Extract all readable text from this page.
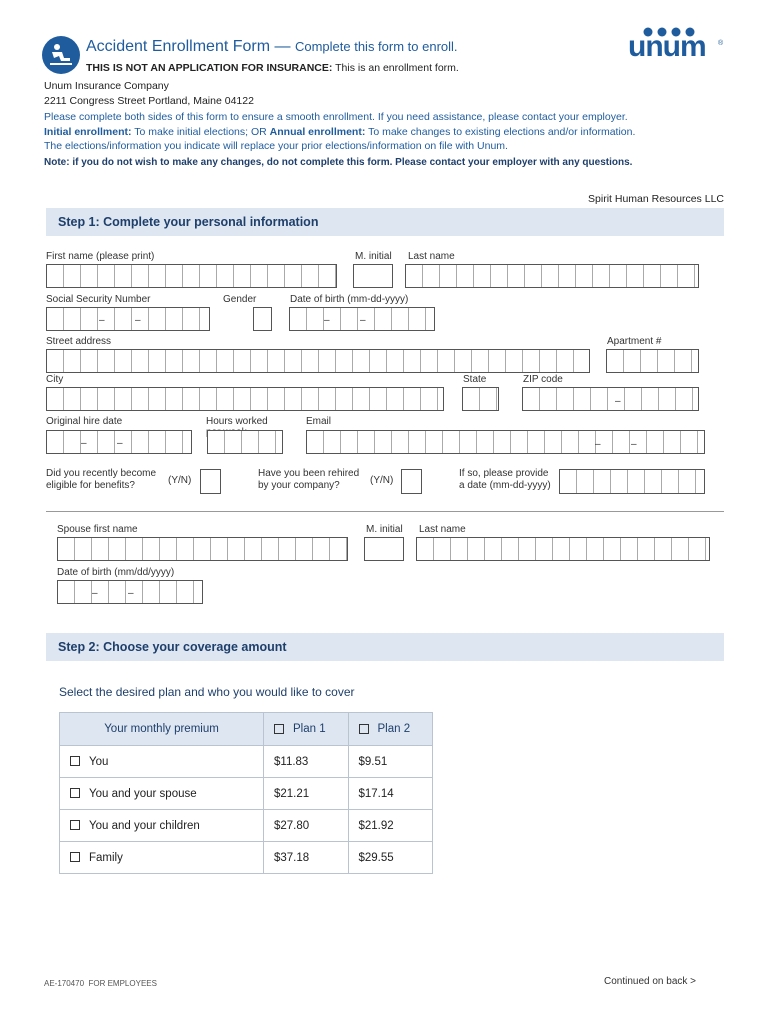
Accident Enrollment Form — Complete this form to enroll.
THIS IS NOT AN APPLICATION FOR INSURANCE: This is an enrollment form.
unum ®
Unum Insurance Company
2211 Congress Street Portland, Maine 04122
Please complete both sides of this form to ensure a smooth enrollment. If you need assistance, please contact your employer.
Initial enrollment: To make initial elections; OR Annual enrollment: To make changes to existing elections and/or information.
The elections/information you indicate will replace your prior elections/information on file with Unum.
Note: if you do not wish to make any changes, do not complete this form. Please contact your employer with any questions.
Spirit Human Resources LLC
Step 1: Complete your personal information
First name (please print)	M. initial Last name
Social Security Number	Gender	Date of birth (mm-dd-yyyy)
–	–	–	–
Street address	Apartment #
City	State	ZIP code
–
Original hire date	Hours worked	Email
–	–	–	–
Did you recently become
eligible for benefits?	(Y/N)
Have you been rehired
by your company?	(Y/N)
If so, please provide
a date (mm-dd-yyyy)
Spouse first name	M. initial Last name
Date of birth (mm/dd/yyyy)
–	–
Step 2: Choose your coverage amount
Select the desired plan and who you would like to cover
Your monthly premium	Plan 1	Plan 2
You	$11.83	$9.51
You and your spouse	$21.21	$17.14
You and your children	$27.80	$21.92
Family	$37.18	$29.55
AE-170470 FOR EMPLOYEES	Continued on back >
